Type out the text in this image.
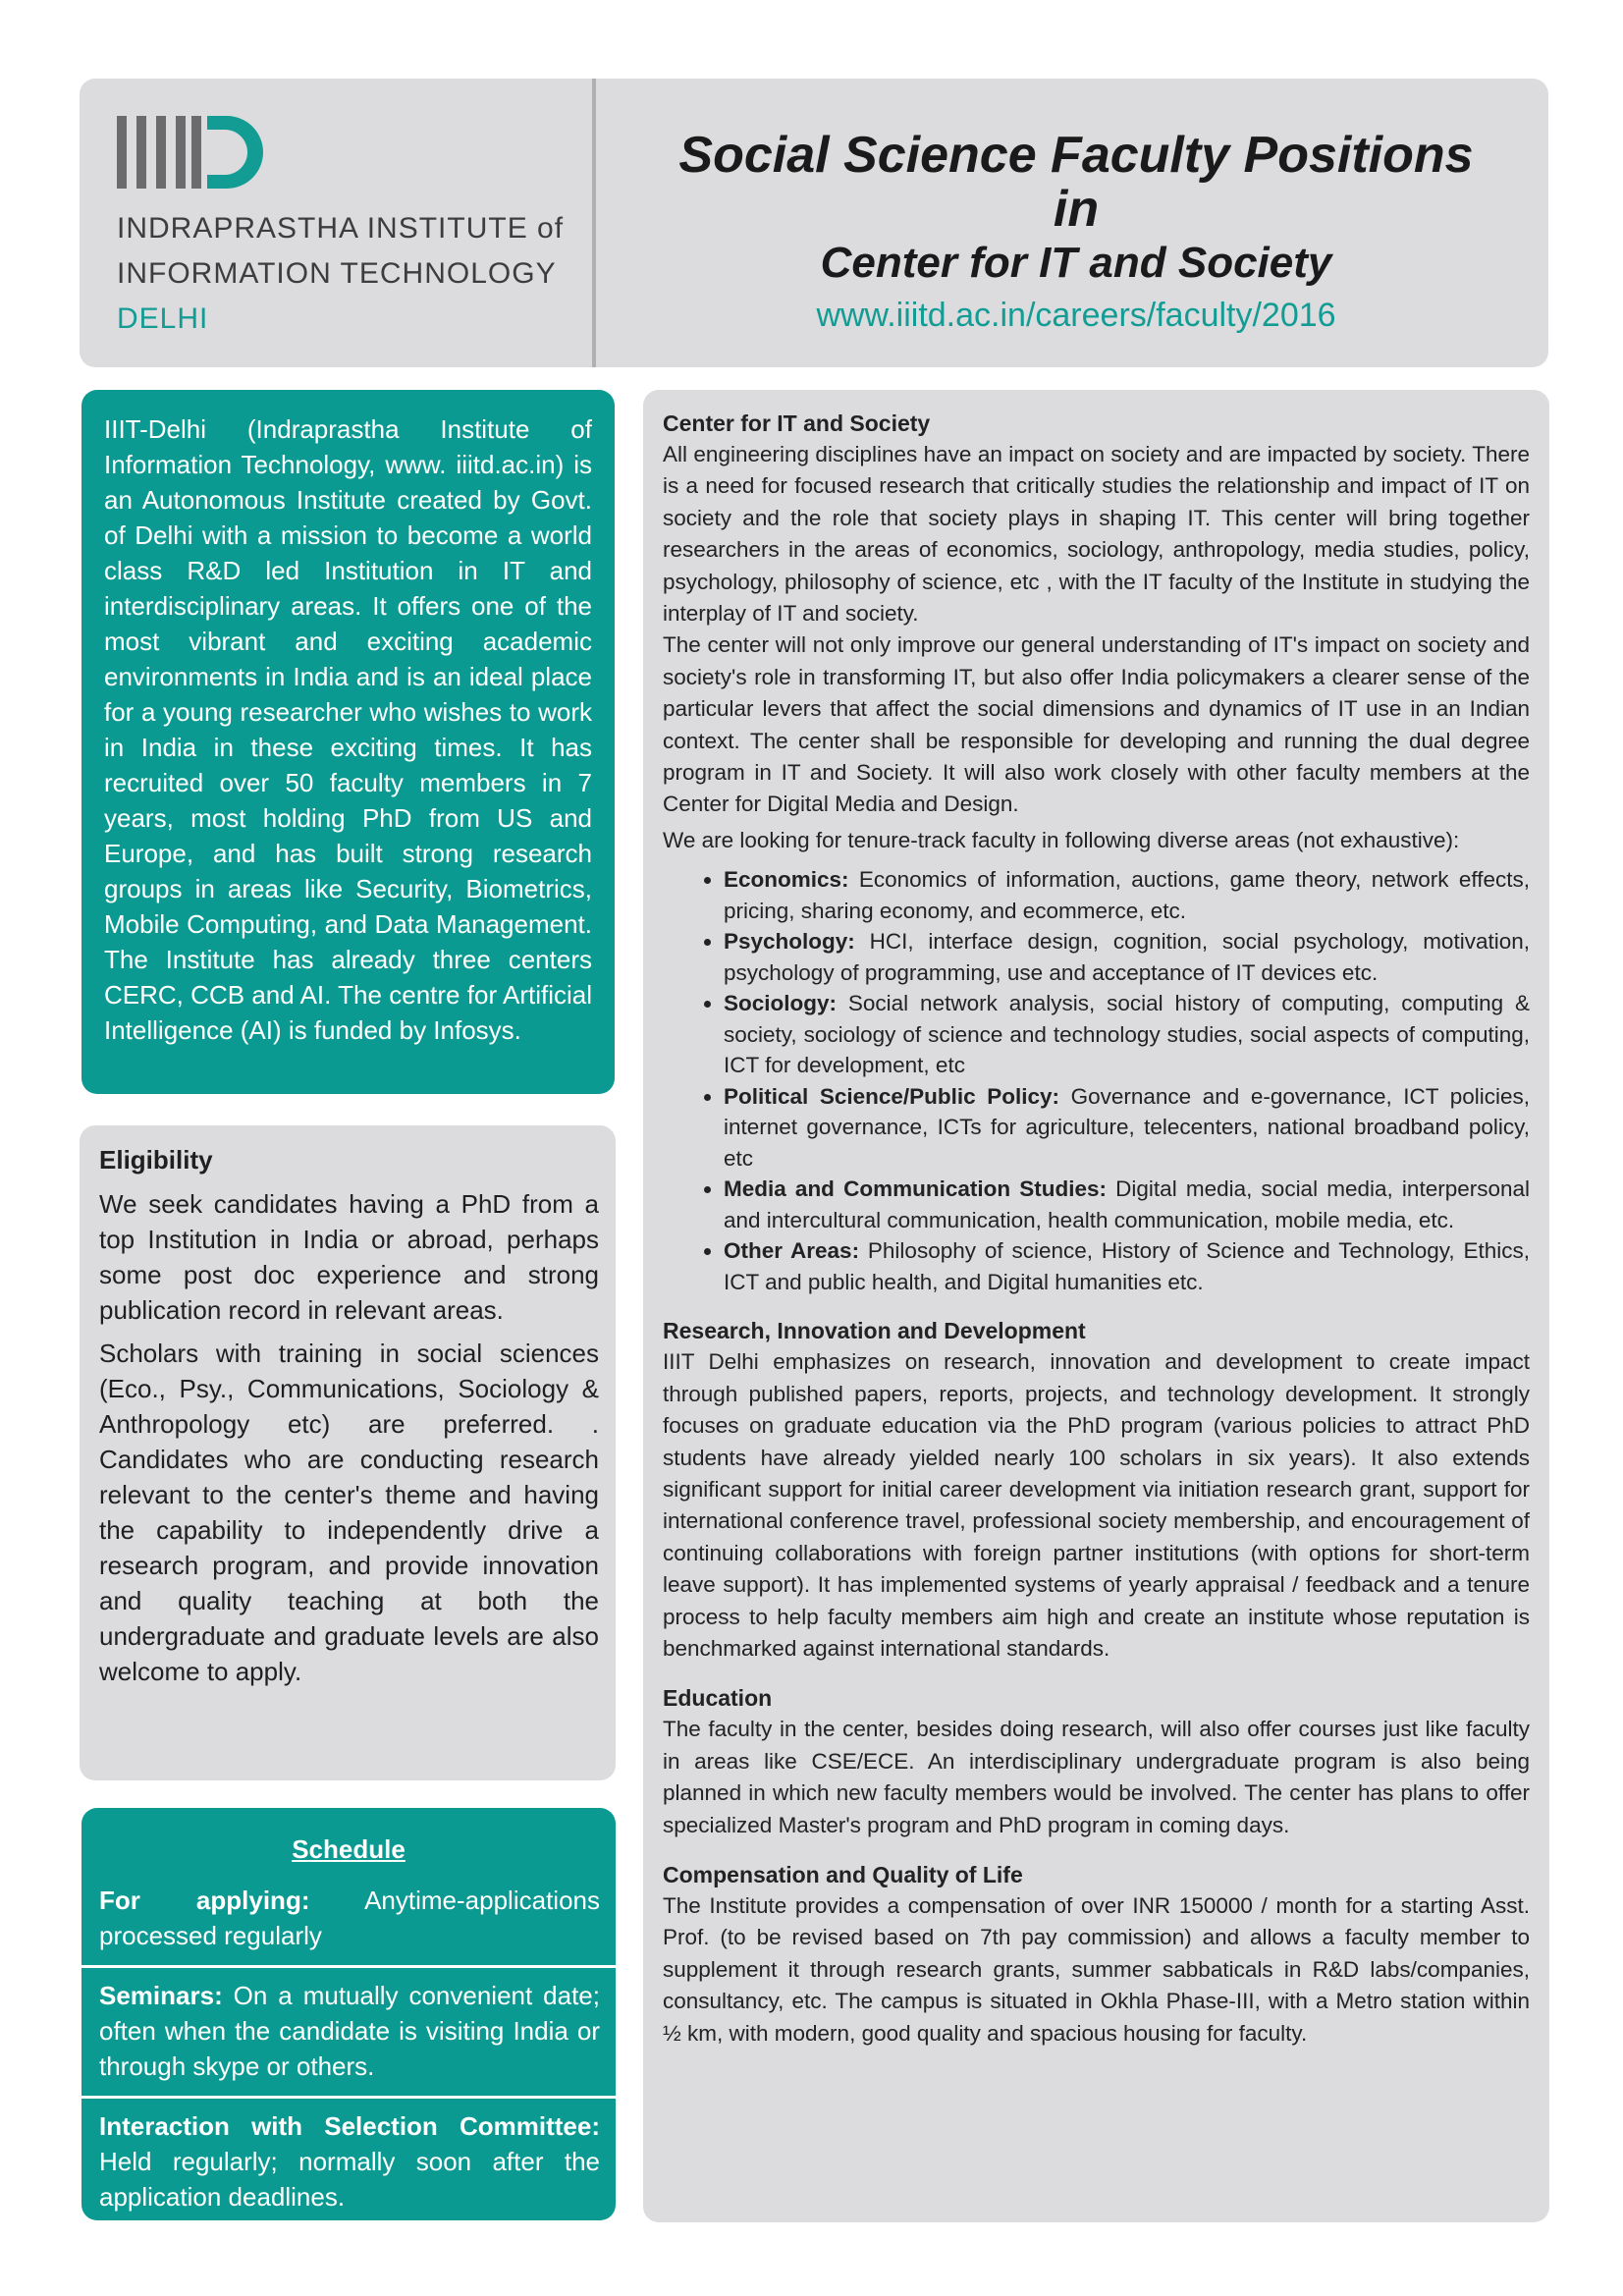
INDRAPRASTHA INSTITUTE of
INFORMATION TECHNOLOGY
DELHI
Social Science Faculty Positions
in
Center for IT and Society
www.iiitd.ac.in/careers/faculty/2016
IIIT-Delhi (Indraprastha Institute of Information Technology, www. iiitd.ac.in) is an Autonomous Institute created by Govt. of Delhi with a mission to become a world class R&D led Institution in IT and interdisciplinary areas. It offers one of the most vibrant and exciting academic environments in India and is an ideal place for a young researcher who wishes to work in India in these exciting times. It has recruited over 50 faculty members in 7 years, most holding PhD from US and Europe, and has built strong research groups in areas like Security, Biometrics, Mobile Computing, and Data Management. The Institute has already three centers CERC, CCB and AI. The centre for Artificial Intelligence (AI) is funded by Infosys.
Eligibility

We seek candidates having a PhD from a top Institution in India or abroad, perhaps some post doc experience and strong publication record in relevant areas.

Scholars with training in social sciences (Eco., Psy., Communications, Sociology & Anthropology etc) are preferred. . Candidates who are conducting research relevant to the center's theme and having the capability to independently drive a research program, and provide innovation and quality teaching at both the undergraduate and graduate levels are also welcome to apply.

Schedule
For applying: Anytime-applications processed regularly
Seminars: On a mutually convenient date; often when the candidate is visiting India or through skype or others.
Interaction with Selection Committee: Held regularly; normally soon after the application deadlines.
Center for IT and Society

All engineering disciplines have an impact on society and are impacted by society. There is a need for focused research that critically studies the relationship and impact of IT on society and the role that society plays in shaping IT. This center will bring together researchers in the areas of economics, sociology, anthropology, media studies, policy, psychology, philosophy of science, etc , with the IT faculty of the Institute in studying the interplay of IT and society.

The center will not only improve our general understanding of IT's impact on society and society's role in transforming IT, but also offer India policymakers a clearer sense of the particular levers that affect the social dimensions and dynamics of IT use in an Indian context. The center shall be responsible for developing and running the dual degree program in IT and Society. It will also work closely with other faculty members at the Center for Digital Media and Design.

We are looking for tenure-track faculty in following diverse areas (not exhaustive):

• Economics: Economics of information, auctions, game theory, network effects, pricing, sharing economy, and ecommerce, etc.
• Psychology: HCI, interface design, cognition, social psychology, motivation, psychology of programming, use and acceptance of IT devices etc.
• Sociology: Social network analysis, social history of computing, computing & society, sociology of science and technology studies, social aspects of computing, ICT for development, etc
• Political Science/Public Policy: Governance and e-governance, ICT policies, internet governance, ICTs for agriculture, telecenters, national broadband policy, etc
• Media and Communication Studies: Digital media, social media, interpersonal and intercultural communication, health communication, mobile media, etc.
• Other Areas: Philosophy of science, History of Science and Technology, Ethics, ICT and public health, and Digital humanities etc.
Research, Innovation and Development

IIIT Delhi emphasizes on research, innovation and development to create impact through published papers, reports, projects, and technology development. It strongly focuses on graduate education via the PhD program (various policies to attract PhD students have already yielded nearly 100 scholars in six years). It also extends significant support for initial career development via initiation research grant, support for international conference travel, professional society membership, and encouragement of continuing collaborations with foreign partner institutions (with options for short-term leave support). It has implemented systems of yearly appraisal / feedback and a tenure process to help faculty members aim high and create an institute whose reputation is benchmarked against international standards.

Education

The faculty in the center, besides doing research, will also offer courses just like faculty in areas like CSE/ECE. An interdisciplinary undergraduate program is also being planned in which new faculty members would be involved. The center has plans to offer specialized Master's program and PhD program in coming days.

Compensation and Quality of Life

The Institute provides a compensation of over INR 150000 / month for a starting Asst. Prof. (to be revised based on 7th pay commission) and allows a faculty member to supplement it through research grants, summer sabbaticals in R&D labs/companies, consultancy, etc. The campus is situated in Okhla Phase-III, with a Metro station within ½ km, with modern, good quality and spacious housing for faculty.
